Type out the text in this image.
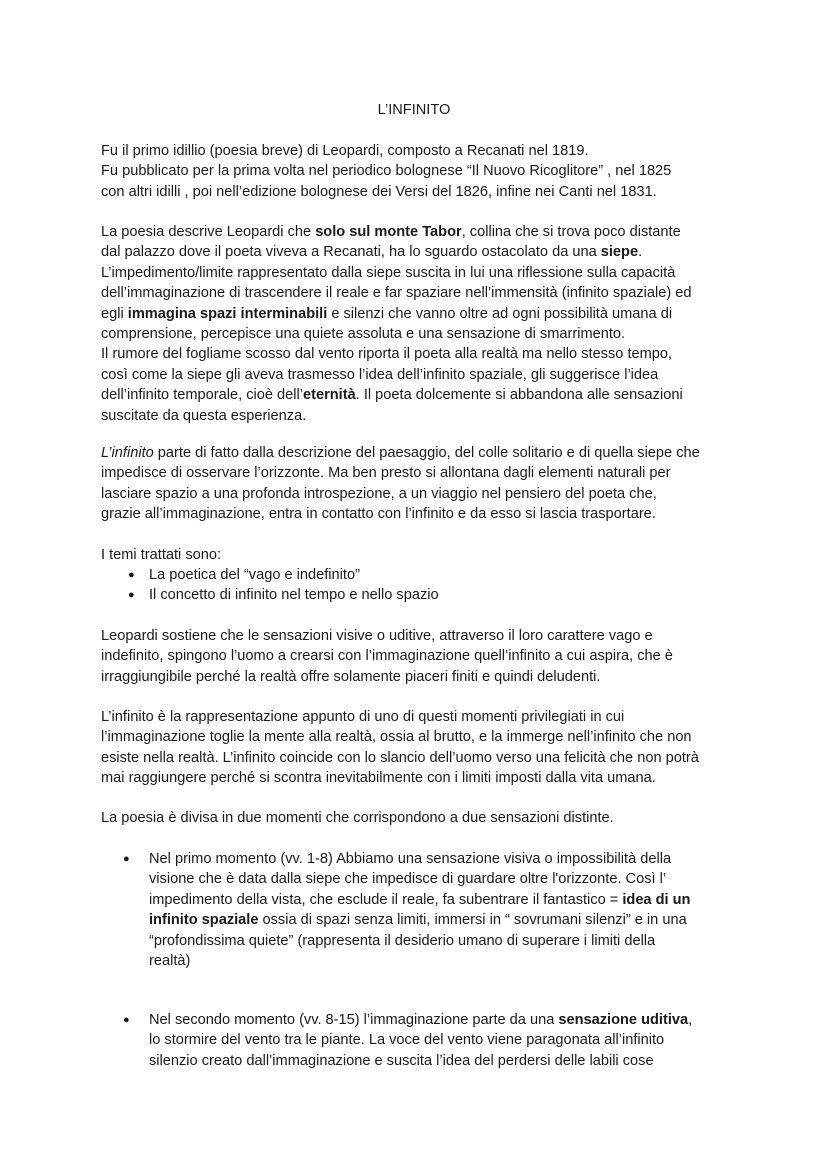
L’INFINITO
Fu il primo idillio (poesia breve) di Leopardi, composto a Recanati nel 1819.
Fu pubblicato per la prima volta nel periodico bolognese “Il Nuovo Ricoglitore” , nel 1825
con altri idilli , poi nell’edizione bolognese dei Versi del 1826, infine nei Canti nel 1831.
La poesia descrive Leopardi che solo sul monte Tabor, collina che si trova poco distante
dal palazzo dove il poeta viveva a Recanati, ha lo sguardo ostacolato da una siepe.
L’impedimento/limite rappresentato dalla siepe suscita in lui una riflessione sulla capacità
dell’immaginazione di trascendere il reale e far spaziare nell’immensità (infinito spaziale) ed
egli immagina spazi interminabili e silenzi che vanno oltre ad ogni possibilità umana di
comprensione, percepisce una quiete assoluta e una sensazione di smarrimento.
Il rumore del fogliame scosso dal vento riporta il poeta alla realtà ma nello stesso tempo,
così come la siepe gli aveva trasmesso l’idea dell’infinito spaziale, gli suggerisce l’idea
dell’infinito temporale, cioè dell’eternità. Il poeta dolcemente si abbandona alle sensazioni
suscitate da questa esperienza.
L’infinito parte di fatto dalla descrizione del paesaggio, del colle solitario e di quella siepe che
impedisce di osservare l’orizzonte. Ma ben presto si allontana dagli elementi naturali per
lasciare spazio a una profonda introspezione, a un viaggio nel pensiero del poeta che,
grazie all’immaginazione, entra in contatto con l’infinito e da esso si lascia trasportare.
I temi trattati sono:
● La poetica del “vago e indefinito”
● Il concetto di infinito nel tempo e nello spazio
Leopardi sostiene che le sensazioni visive o uditive, attraverso il loro carattere vago e
indefinito, spingono l’uomo a crearsi con l’immaginazione quell’infinito a cui aspira, che è
irraggiungibile perché la realtà offre solamente piaceri finiti e quindi deludenti.
L’infinito è la rappresentazione appunto di uno di questi momenti privilegiati in cui
l’immaginazione toglie la mente alla realtà, ossia al brutto, e la immerge nell’infinito che non
esiste nella realtà. L’infinito coincide con lo slancio dell’uomo verso una felicità che non potrà
mai raggiungere perché si scontra inevitabilmente con i limiti imposti dalla vita umana.
La poesia è divisa in due momenti che corrispondono a due sensazioni distinte.
● Nel primo momento (vv. 1-8) Abbiamo una sensazione visiva o impossibilità della
visione che è data dalla siepe che impedisce di guardare oltre l'orizzonte. Così l’
impedimento della vista, che esclude il reale, fa subentrare il fantastico = idea di un
infinito spaziale ossia di spazi senza limiti, immersi in “ sovrumani silenzi” e in una
“profondissima quiete” (rappresenta il desiderio umano di superare i limiti della
realtà)
● Nel secondo momento (vv. 8-15) l’immaginazione parte da una sensazione uditiva,
lo stormire del vento tra le piante. La voce del vento viene paragonata all’infinito
silenzio creato dall’immaginazione e suscita l’idea del perdersi delle labili cose
